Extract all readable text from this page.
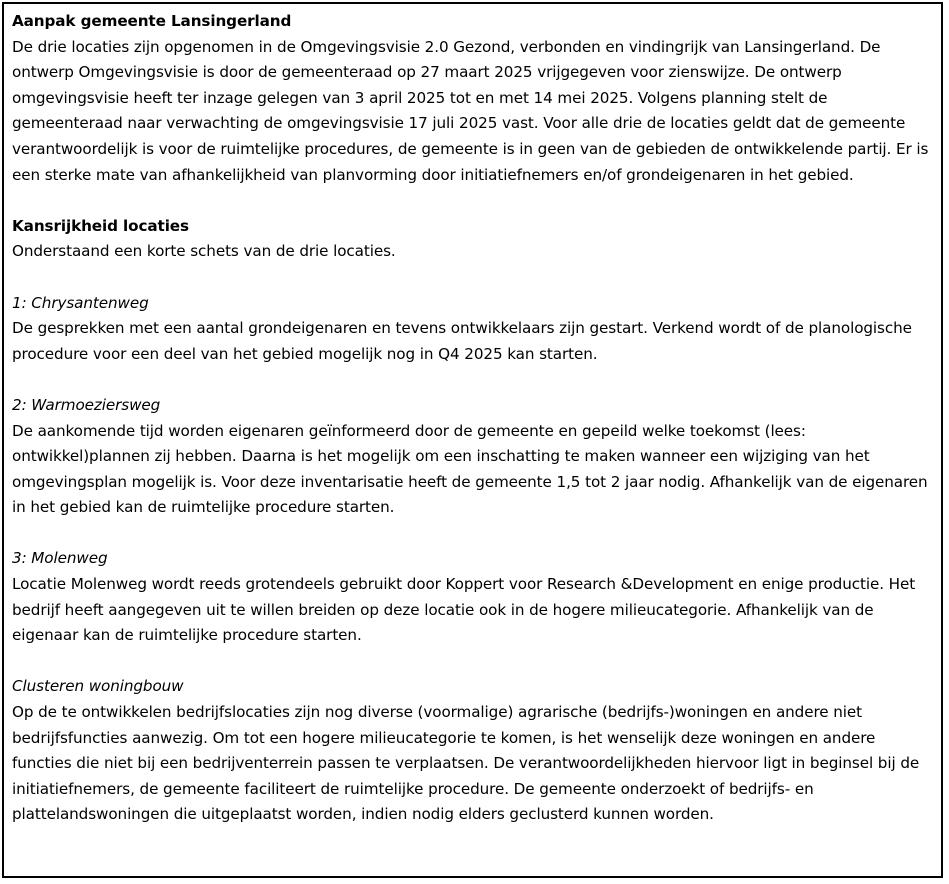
Aanpak gemeente Lansingerland
De drie locaties zijn opgenomen in de Omgevingsvisie 2.0 Gezond, verbonden en vindingrijk van Lansingerland. De ontwerp Omgevingsvisie is door de gemeenteraad op 27 maart 2025 vrijgegeven voor zienswijze. De ontwerp omgevingsvisie heeft ter inzage gelegen van 3 april 2025 tot en met 14 mei 2025. Volgens planning stelt de gemeenteraad naar verwachting de omgevingsvisie 17 juli 2025 vast. Voor alle drie de locaties geldt dat de gemeente verantwoordelijk is voor de ruimtelijke procedures, de gemeente is in geen van de gebieden de ontwikkelende partij. Er is een sterke mate van afhankelijkheid van planvorming door initiatiefnemers en/of grondeigenaren in het gebied.
Kansrijkheid locaties
Onderstaand een korte schets van de drie locaties.
1: Chrysantenweg
De gesprekken met een aantal grondeigenaren en tevens ontwikkelaars zijn gestart. Verkend wordt of de planologische procedure voor een deel van het gebied mogelijk nog in Q4 2025 kan starten.
2: Warmoeziersweg
De aankomende tijd worden eigenaren geïnformeerd door de gemeente en gepeild welke toekomst (lees: ontwikkel)plannen zij hebben. Daarna is het mogelijk om een inschatting te maken wanneer een wijziging van het omgevingsplan mogelijk is. Voor deze inventarisatie heeft de gemeente 1,5 tot 2 jaar nodig. Afhankelijk van de eigenaren in het gebied kan de ruimtelijke procedure starten.
3: Molenweg
Locatie Molenweg wordt reeds grotendeels gebruikt door Koppert voor Research &Development en enige productie. Het bedrijf heeft aangegeven uit te willen breiden op deze locatie ook in de hogere milieucategorie. Afhankelijk van de eigenaar kan de ruimtelijke procedure starten.
Clusteren woningbouw
Op de te ontwikkelen bedrijfslocaties zijn nog diverse (voormalige) agrarische (bedrijfs-)woningen en andere niet bedrijfsfuncties aanwezig. Om tot een hogere milieucategorie te komen, is het wenselijk deze woningen en andere functies die niet bij een bedrijventerrein passen te verplaatsen. De verantwoordelijkheden hiervoor ligt in beginsel bij de initiatiefnemers, de gemeente faciliteert de ruimtelijke procedure. De gemeente onderzoekt of bedrijfs- en plattelandswoningen die uitgeplaatst worden, indien nodig elders geclusterd kunnen worden.
